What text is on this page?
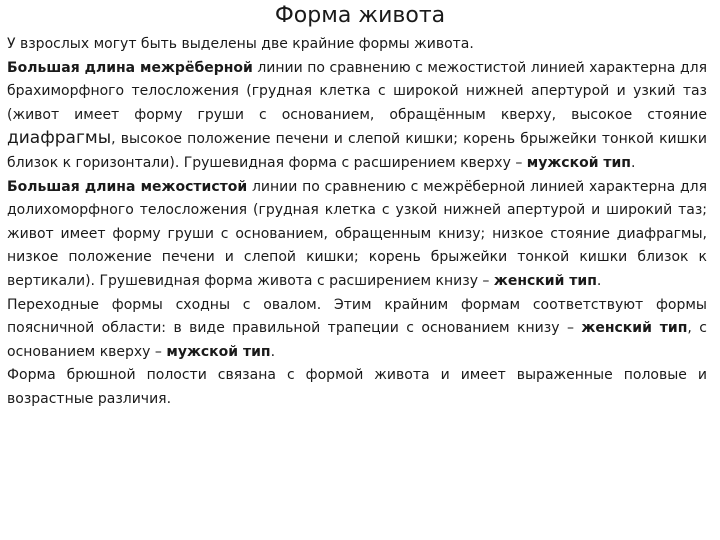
Форма живота

У взрослых могут быть выделены две крайние формы живота.

Большая длина межрёберной линии по сравнению с межостистой линией характерна для брахиморфного телосложения (грудная клетка с широкой нижней апертурой и узкий таз (живот имеет форму груши с основанием, обращённым кверху, высокое стояние диафрагмы, высокое положение печени и слепой кишки; корень брыжейки тонкой кишки близок к горизонтали). Грушевидная форма с расширением кверху – мужской тип.

Большая длина межостистой линии по сравнению с межрёберной линией характерна для долихоморфного телосложения (грудная клетка с узкой нижней апертурой и широкий таз; живот имеет форму груши с основанием, обращенным книзу; низкое стояние диафрагмы, низкое положение печени и слепой кишки; корень брыжейки тонкой кишки близок к вертикали). Грушевидная форма живота с расширением книзу – женский тип.

Переходные формы сходны с овалом. Этим крайним формам соответствуют формы поясничной области: в виде правильной трапеции с основанием книзу – женский тип, с основанием кверху – мужской тип.

Форма брюшной полости связана с формой живота и имеет выраженные половые и возрастные различия.
